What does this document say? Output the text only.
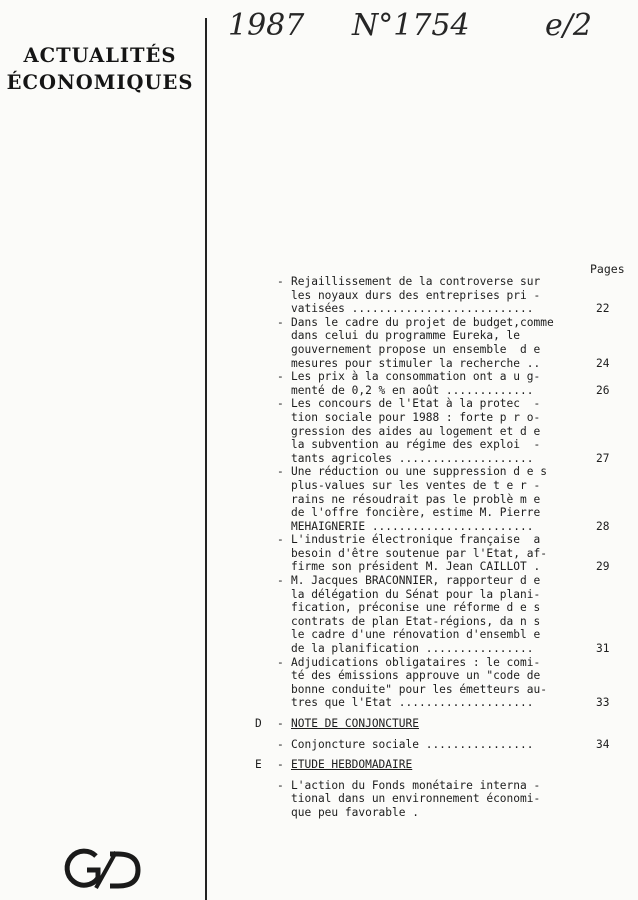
ACTUALITÉS
ÉCONOMIQUES
1987 N°1754	e/2
Pages
- Rejaillissement de la controverse sur
les noyaux durs des entreprises pri -
vatisées ...........................	22
- Dans le cadre du projet de budget,comme
dans celui du programme Eureka, le
gouvernement propose un ensemble  d e
mesures pour stimuler la recherche ..	24
- Les prix à la consommation ont a u g-
menté de 0,2 % en août .............	26
- Les concours de l'Etat à la protec  -
tion sociale pour 1988 : forte p r o-
gression des aides au logement et d e
la subvention au régime des exploi  -
tants agricoles ....................	27
- Une réduction ou une suppression d e s
plus-values sur les ventes de t e r -
rains ne résoudrait pas le problè m e
de l'offre foncière, estime M. Pierre
MEHAIGNERIE ........................	28
- L'industrie électronique française  a
besoin d'être soutenue par l'Etat, af-
firme son président M. Jean CAILLOT .	29
- M. Jacques BRACONNIER, rapporteur d e
la délégation du Sénat pour la plani-
fication, préconise une réforme d e s
contrats de plan Etat-régions, da n s
le cadre d'une rénovation d'ensembl e
de la planification ................	31
- Adjudications obligataires : le comi-
té des émissions approuve un "code de
bonne conduite" pour les émetteurs au-
tres que l'Etat ....................	33
D - NOTE DE CONJONCTURE
- Conjoncture sociale ................	34
E - ETUDE HEBDOMADAIRE
- L'action du Fonds monétaire interna -
tional dans un environnement économi-
que peu favorable .
